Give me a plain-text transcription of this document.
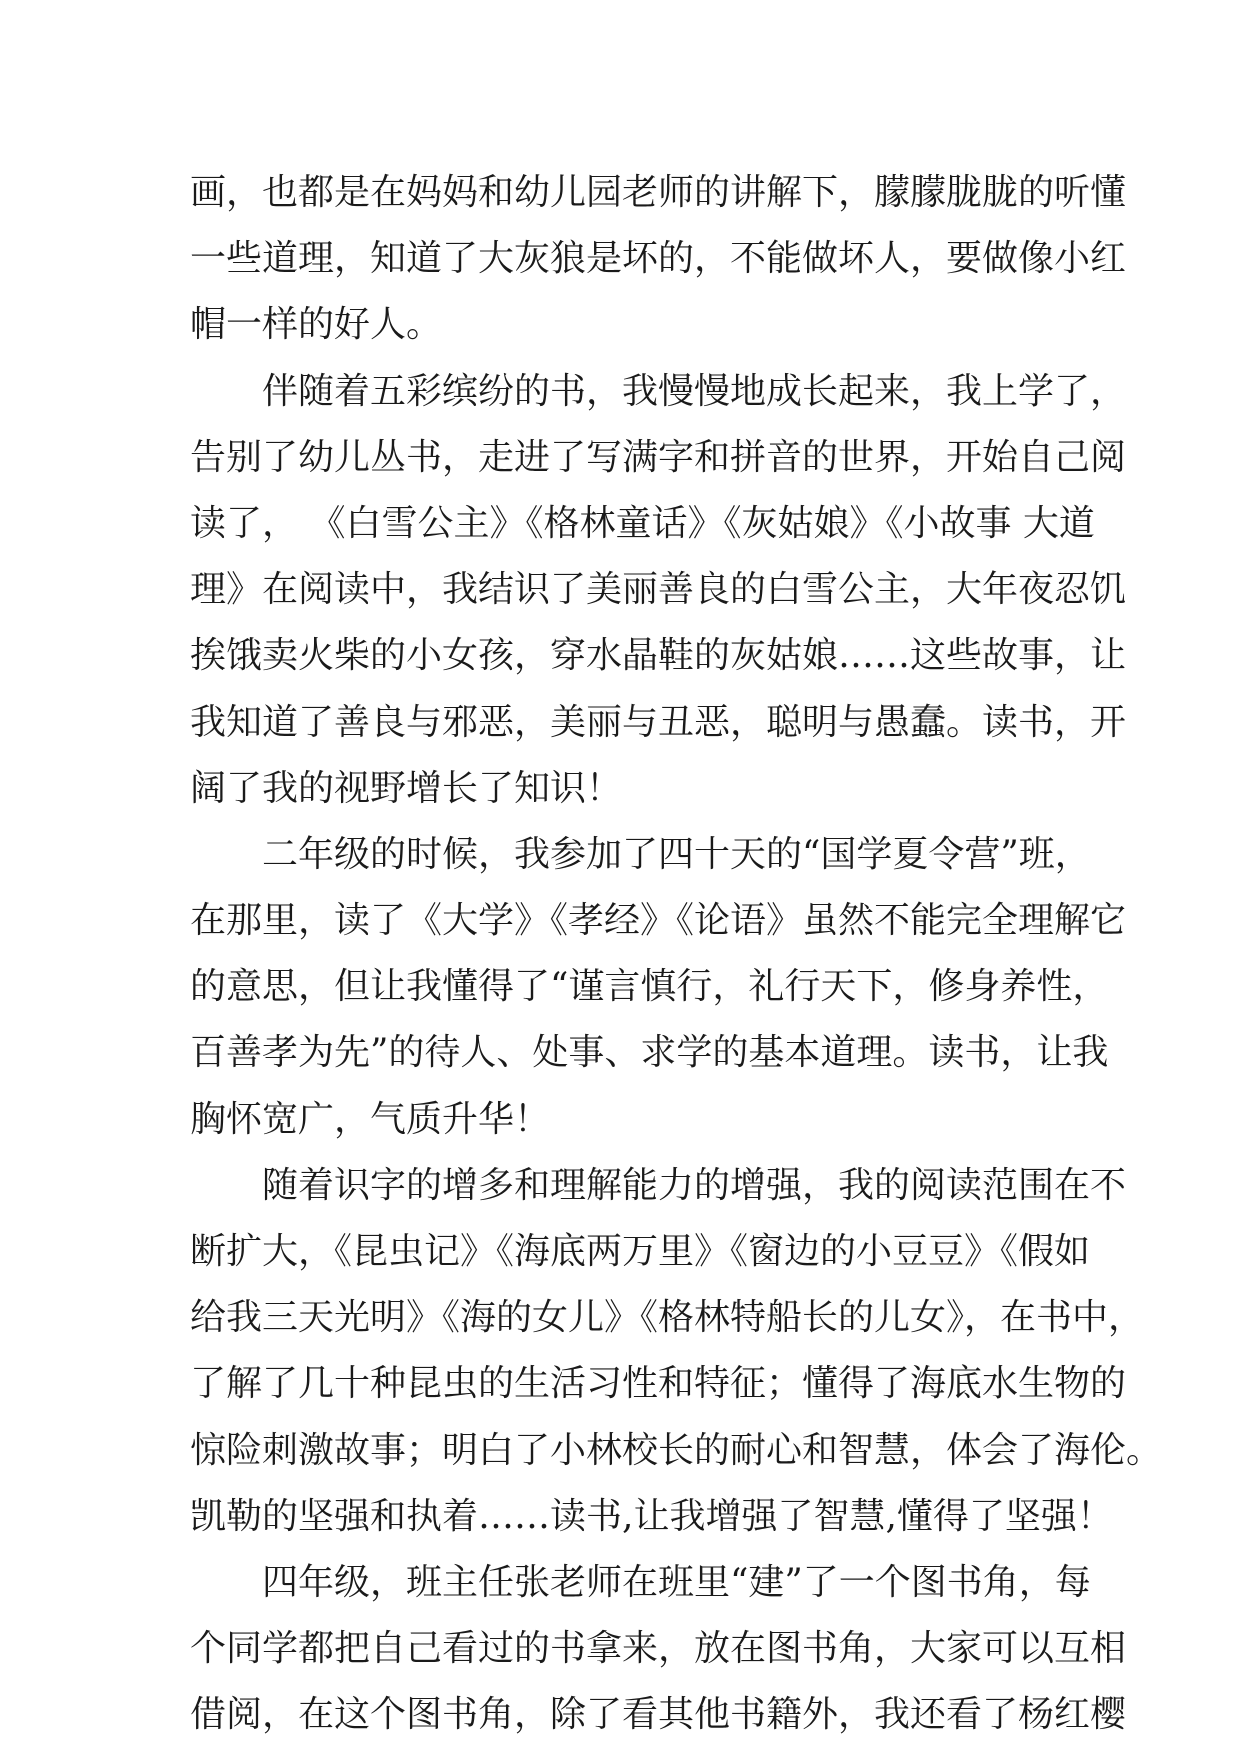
画，也都是在妈妈和幼儿园老师的讲解下，朦朦胧胧的听懂
一些道理，知道了大灰狼是坏的，不能做坏人，要做像小红
帽一样的好人。
伴随着五彩缤纷的书，我慢慢地成长起来，我上学了，
告别了幼儿丛书，走进了写满字和拼音的世界，开始自己阅
读了， 《白雪公主》《格林童话》《灰姑娘》《小故事 大道
理》在阅读中，我结识了美丽善良的白雪公主，大年夜忍饥
挨饿卖火柴的小女孩，穿水晶鞋的灰姑娘……这些故事，让
我知道了善良与邪恶，美丽与丑恶，聪明与愚蠢。读书，开
阔了我的视野增长了知识！
二年级的时候，我参加了四十天的“国学夏令营”班，
在那里，读了《大学》《孝经》《论语》虽然不能完全理解它
的意思，但让我懂得了“谨言慎行，礼行天下，修身养性，
百善孝为先”的待人、处事、求学的基本道理。读书，让我
胸怀宽广，气质升华！
随着识字的增多和理解能力的增强，我的阅读范围在不
断扩大，《昆虫记》《海底两万里》《窗边的小豆豆》《假如
给我三天光明》《海的女儿》《格林特船长的儿女》，在书中，
了解了几十种昆虫的生活习性和特征；懂得了海底水生物的
惊险刺激故事；明白了小林校长的耐心和智慧，体会了海伦。
凯勒的坚强和执着……读书,让我增强了智慧,懂得了坚强！
四年级，班主任张老师在班里“建”了一个图书角，每
个同学都把自己看过的书拿来，放在图书角，大家可以互相
借阅，在这个图书角，除了看其他书籍外，我还看了杨红樱
